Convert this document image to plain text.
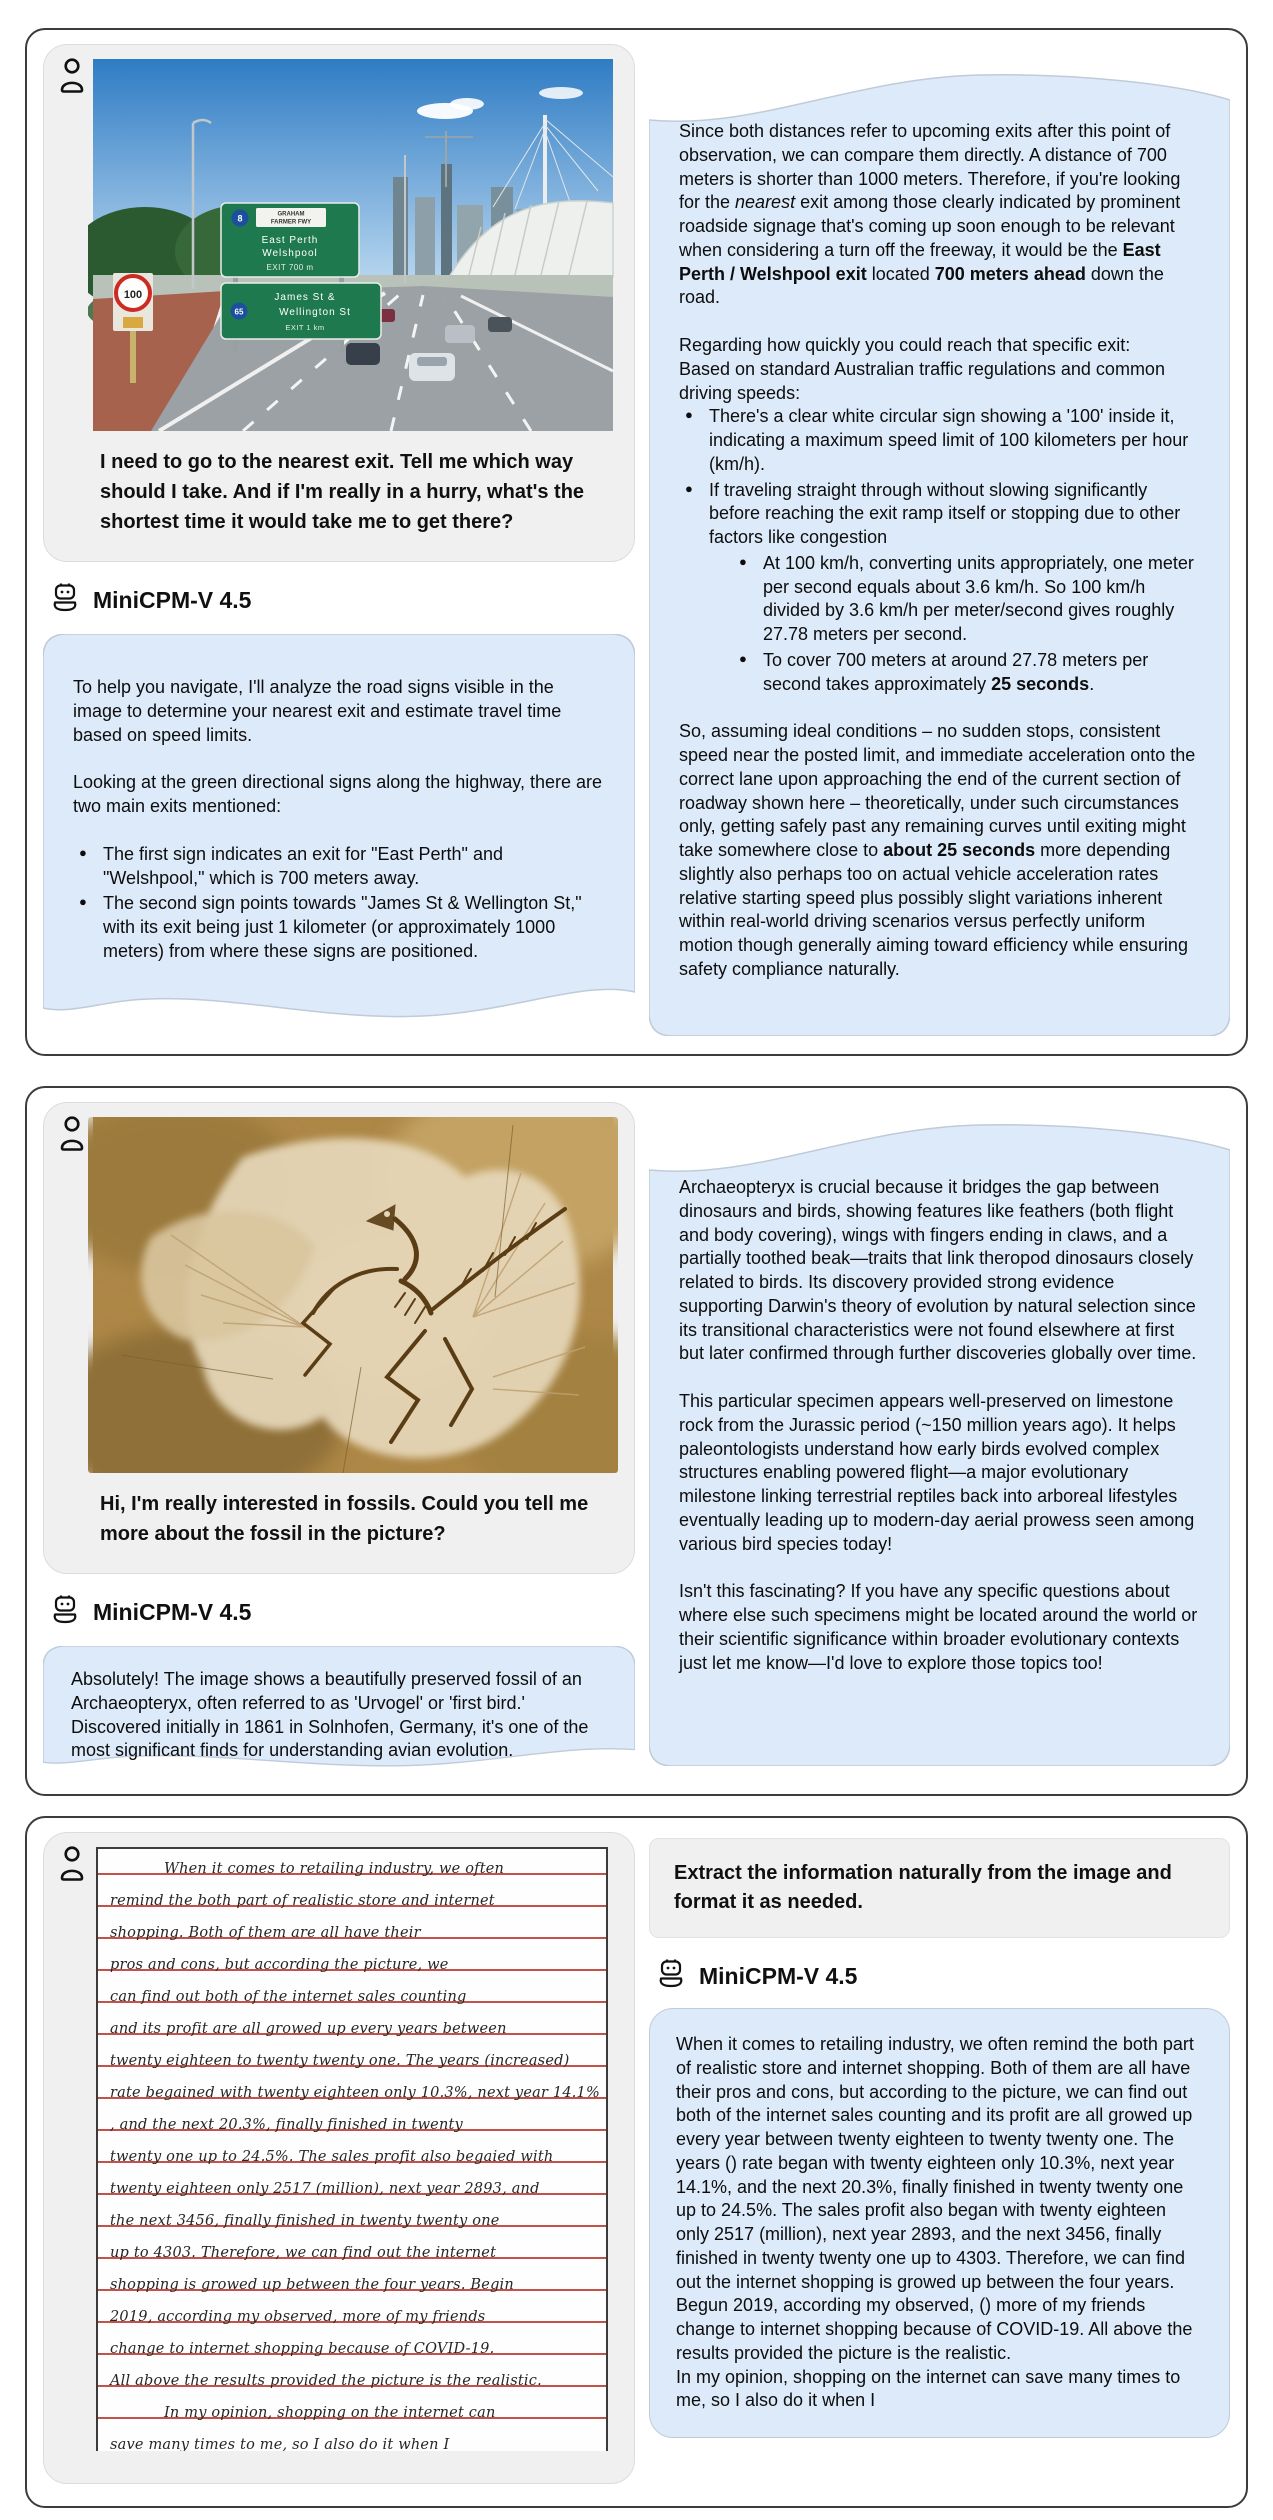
GRAHAM
FARMER FWY
8
East Perth
Welshpool
EXIT 700 m
James St &
65	Wellington St
EXIT 1 km
100
I need to go to the nearest exit. Tell me which way should I take. And if I'm really in a hurry, what's the shortest time it would take me to get there?
MiniCPM-V 4.5

To help you navigate, I'll analyze the road signs visible in the image to determine your nearest exit and estimate travel time based on speed limits.

Looking at the green directional signs along the highway, there are two main exits mentioned:

● The first sign indicates an exit for "East Perth" and "Welshpool," which is 700 meters away.
● The second sign points towards "James St & Wellington St," with its exit being just 1 kilometer (or approximately 1000 meters) from where these signs are positioned.

Since both distances refer to upcoming exits after this point of observation, we can compare them directly. A distance of 700 meters is shorter than 1000 meters. Therefore, if you're looking for the nearest exit among those clearly indicated by prominent roadside signage that's coming up soon enough to be relevant when considering a turn off the freeway, it would be the East Perth / Welshpool exit located 700 meters ahead down the road.

Regarding how quickly you could reach that specific exit:

Based on standard Australian traffic regulations and common driving speeds:

● There's a clear white circular sign showing a '100' inside it, indicating a maximum speed limit of 100 kilometers per hour (km/h).
● If traveling straight through without slowing significantly before reaching the exit ramp itself or stopping due to other factors like congestion
● At 100 km/h, converting units appropriately, one meter per second equals about 3.6 km/h. So 100 km/h divided by 3.6 km/h per meter/second gives roughly 27.78 meters per second.
● To cover 700 meters at around 27.78 meters per second takes approximately 25 seconds.

So, assuming ideal conditions – no sudden stops, consistent speed near the posted limit, and immediate acceleration onto the correct lane upon approaching the end of the current section of roadway shown here – theoretically, under such circumstances only, getting safely past any remaining curves until exiting might take somewhere close to about 25 seconds more depending slightly also perhaps too on actual vehicle acceleration rates relative starting speed plus possibly slight variations inherent within real-world driving scenarios versus perfectly uniform motion though generally aiming toward efficiency while ensuring safety compliance naturally.

Hi, I'm really interested in fossils. Could you tell me more about the fossil in the picture?
MiniCPM-V 4.5

Absolutely! The image shows a beautifully preserved fossil of an Archaeopteryx, often referred to as 'Urvogel' or 'first bird.' Discovered initially in 1861 in Solnhofen, Germany, it's one of the most significant finds for understanding avian evolution.

Archaeopteryx is crucial because it bridges the gap between dinosaurs and birds, showing features like feathers (both flight and body covering), wings with fingers ending in claws, and a partially toothed beak—traits that link theropod dinosaurs closely related to birds. Its discovery provided strong evidence supporting Darwin's theory of evolution by natural selection since its transitional characteristics were not found elsewhere at first but later confirmed through further discoveries globally over time.

This particular specimen appears well-preserved on limestone rock from the Jurassic period (~150 million years ago). It helps paleontologists understand how early birds evolved complex structures enabling powered flight—a major evolutionary milestone linking terrestrial reptiles back into arboreal lifestyles eventually leading up to modern-day aerial prowess seen among various bird species today!

Isn't this fascinating? If you have any specific questions about where else such specimens might be located around the world or their scientific significance within broader evolutionary contexts just let me know—I'd love to explore those topics too!

When it comes to retailing industry, we often
remind the both part of realistic store and internet
shopping. Both of them are all have their
pros and cons, but according the picture, we
can find out both of the internet sales counting
and its profit are all growed up every years between
twenty eighteen to twenty twenty one. The years (increased)
rate begained with twenty eighteen only 10.3%, next year 14.1%
, and the next 20.3%, finally finished in twenty
twenty one up to 24.5%. The sales profit also begaied with
twenty eighteen only 2517 (million), next year 2893, and
the next 3456, finally finished in twenty twenty one
up to 4303. Therefore, we can find out the internet
shopping is growed up between the four years. Begin
2019, according my observed, more of my friends
change to internet shopping because of COVID-19.
All above the results provided the picture is the realistic.
In my opinion, shopping on the internet can
save many times to me, so I also do it when I
Extract the information naturally from the image and format it as needed.
MiniCPM-V 4.5

When it comes to retailing industry, we often remind the both part of realistic store and internet shopping. Both of them are all have their pros and cons, but according to the picture, we can find out both of the internet sales counting and its profit are all growed up every year between twenty eighteen to twenty twenty one. The years () rate began with twenty eighteen only 10.3%, next year 14.1%, and the next 20.3%, finally finished in twenty twenty one up to 24.5%. The sales profit also began with twenty eighteen only 2517 (million), next year 2893, and the next 3456, finally finished in twenty twenty one up to 4303. Therefore, we can find out the internet shopping is growed up between the four years. Begun 2019, according my observed, () more of my friends change to internet shopping because of COVID-19. All above the results provided the picture is the realistic.

In my opinion, shopping on the internet can save many times to me, so I also do it when I
